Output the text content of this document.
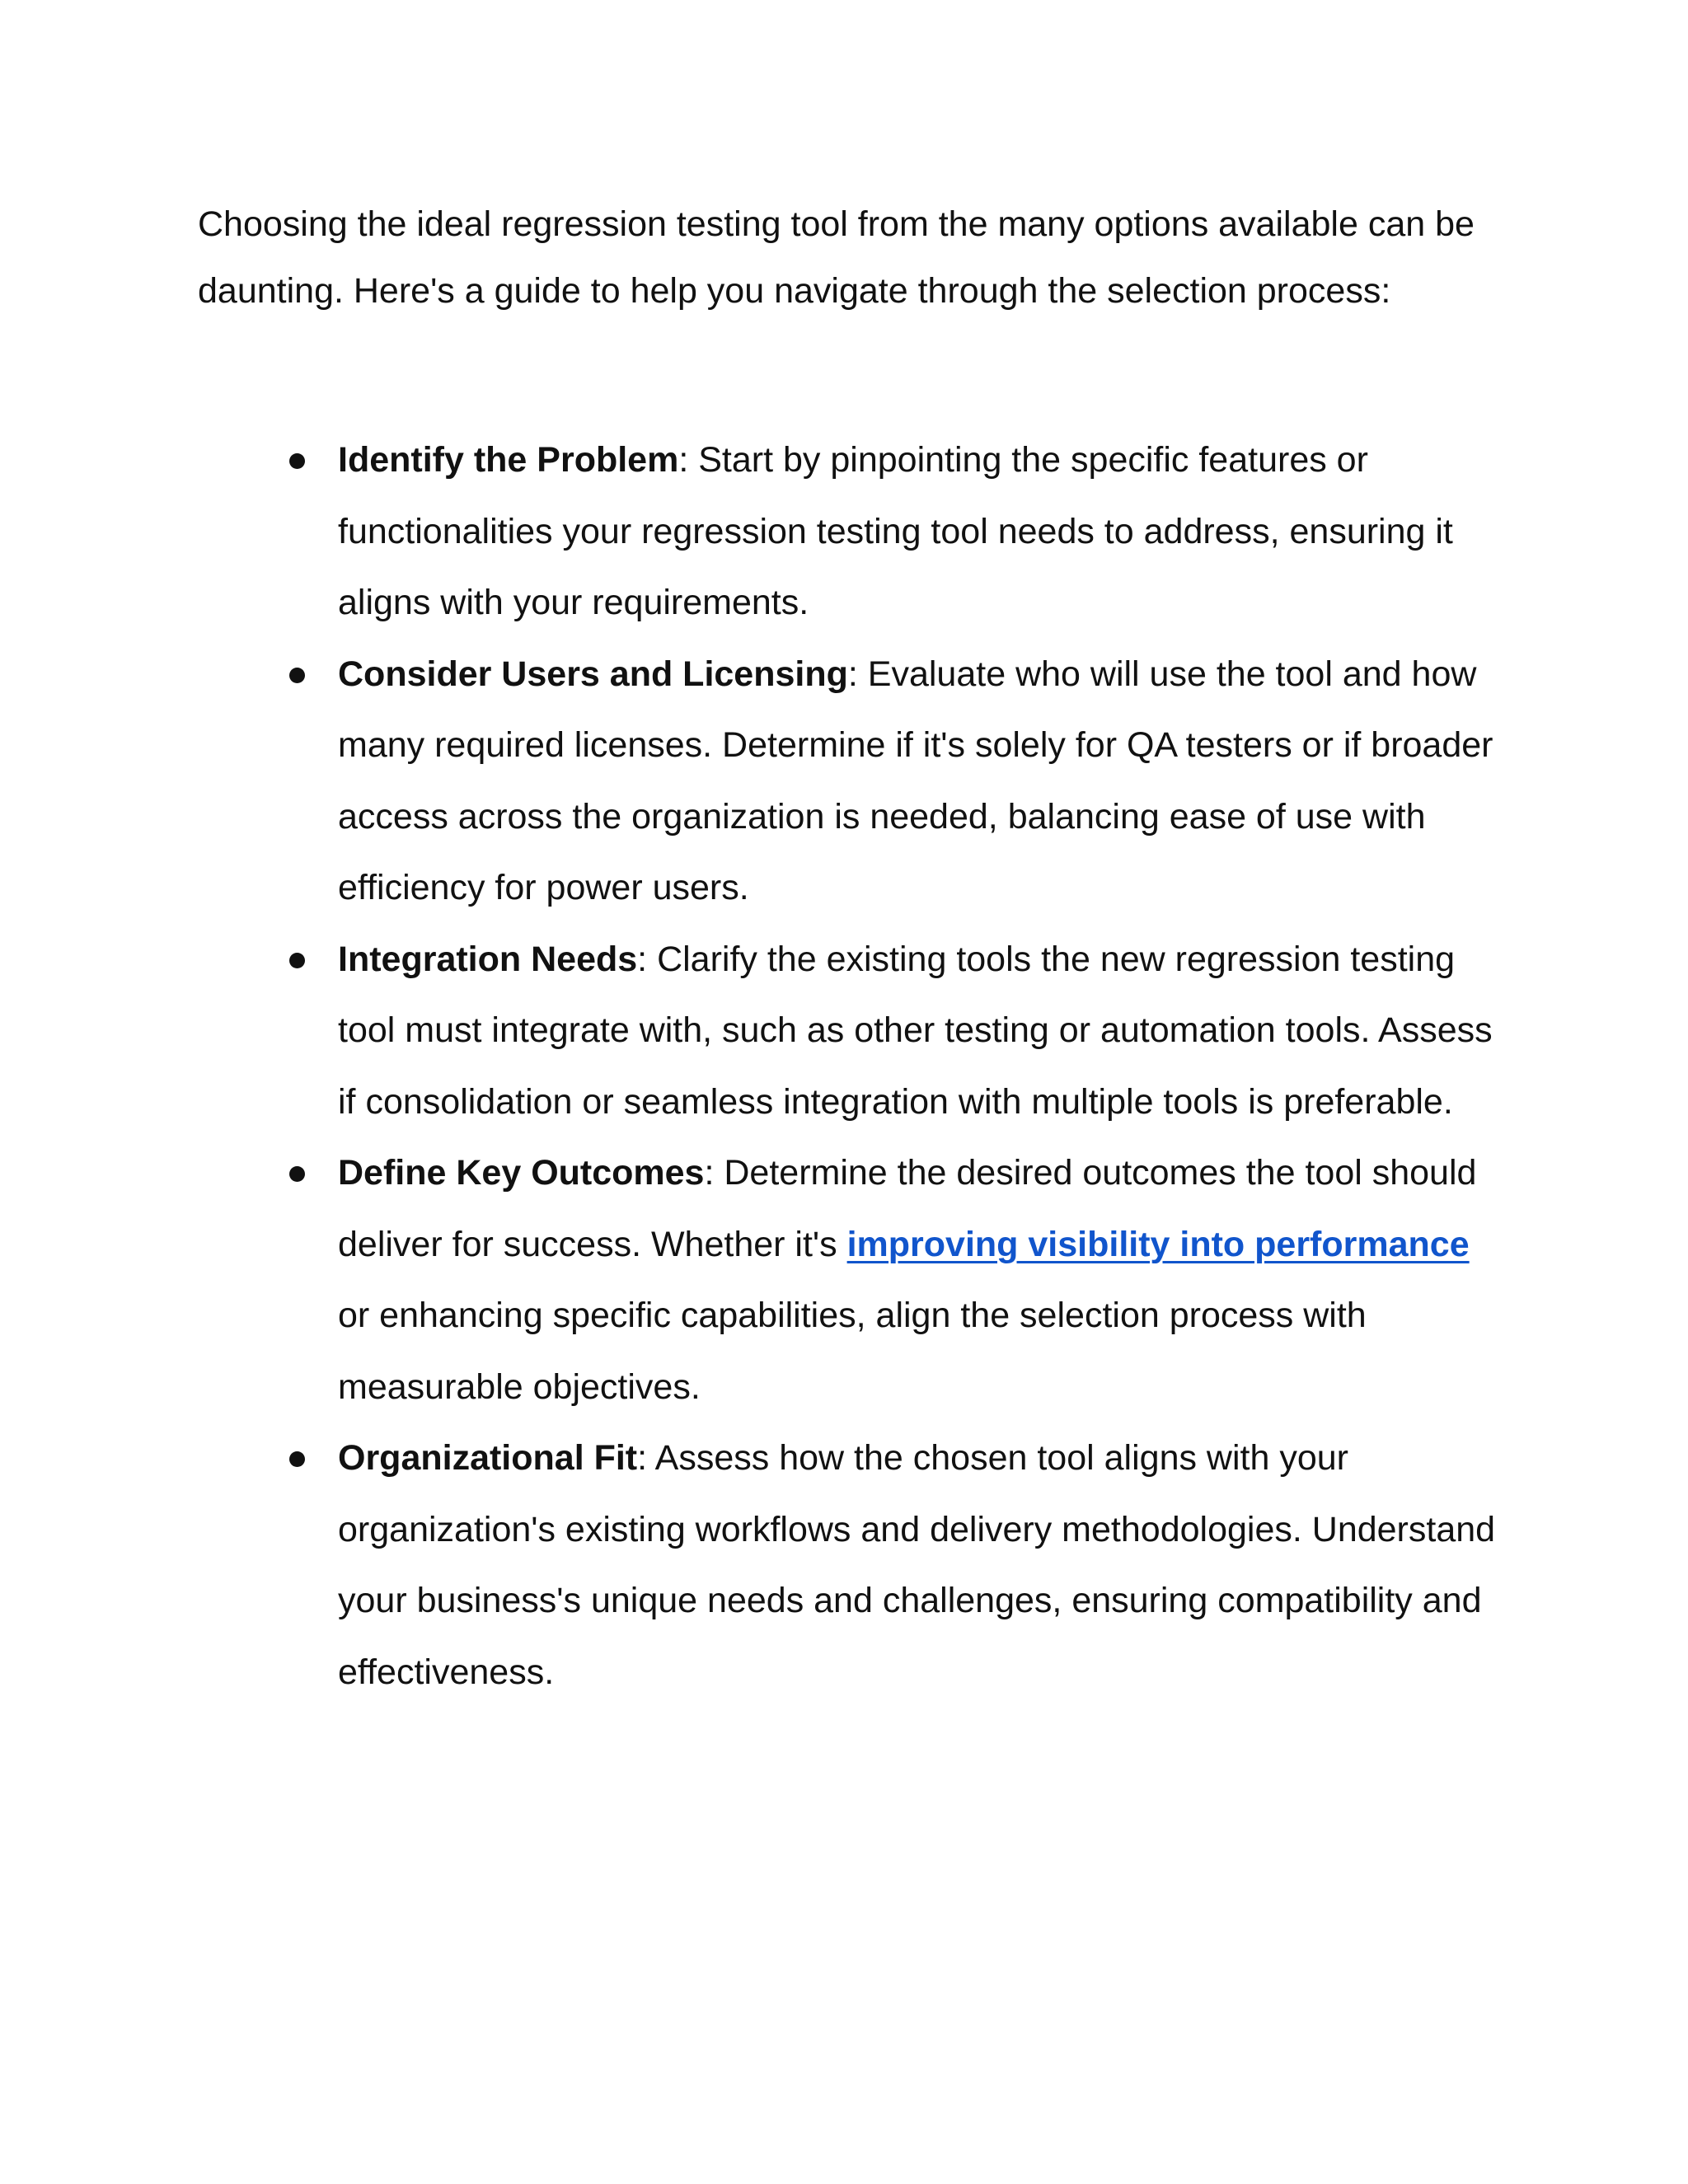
Choosing the ideal regression testing tool from the many options available can be daunting. Here's a guide to help you navigate through the selection process:

Identify the Problem: Start by pinpointing the specific features or functionalities your regression testing tool needs to address, ensuring it aligns with your requirements.
Consider Users and Licensing: Evaluate who will use the tool and how many required licenses. Determine if it's solely for QA testers or if broader access across the organization is needed, balancing ease of use with efficiency for power users.
Integration Needs: Clarify the existing tools the new regression testing tool must integrate with, such as other testing or automation tools. Assess if consolidation or seamless integration with multiple tools is preferable.
Define Key Outcomes: Determine the desired outcomes the tool should deliver for success. Whether it's improving visibility into performance or enhancing specific capabilities, align the selection process with measurable objectives.
Organizational Fit: Assess how the chosen tool aligns with your organization's existing workflows and delivery methodologies. Understand your business's unique needs and challenges, ensuring compatibility and effectiveness.
